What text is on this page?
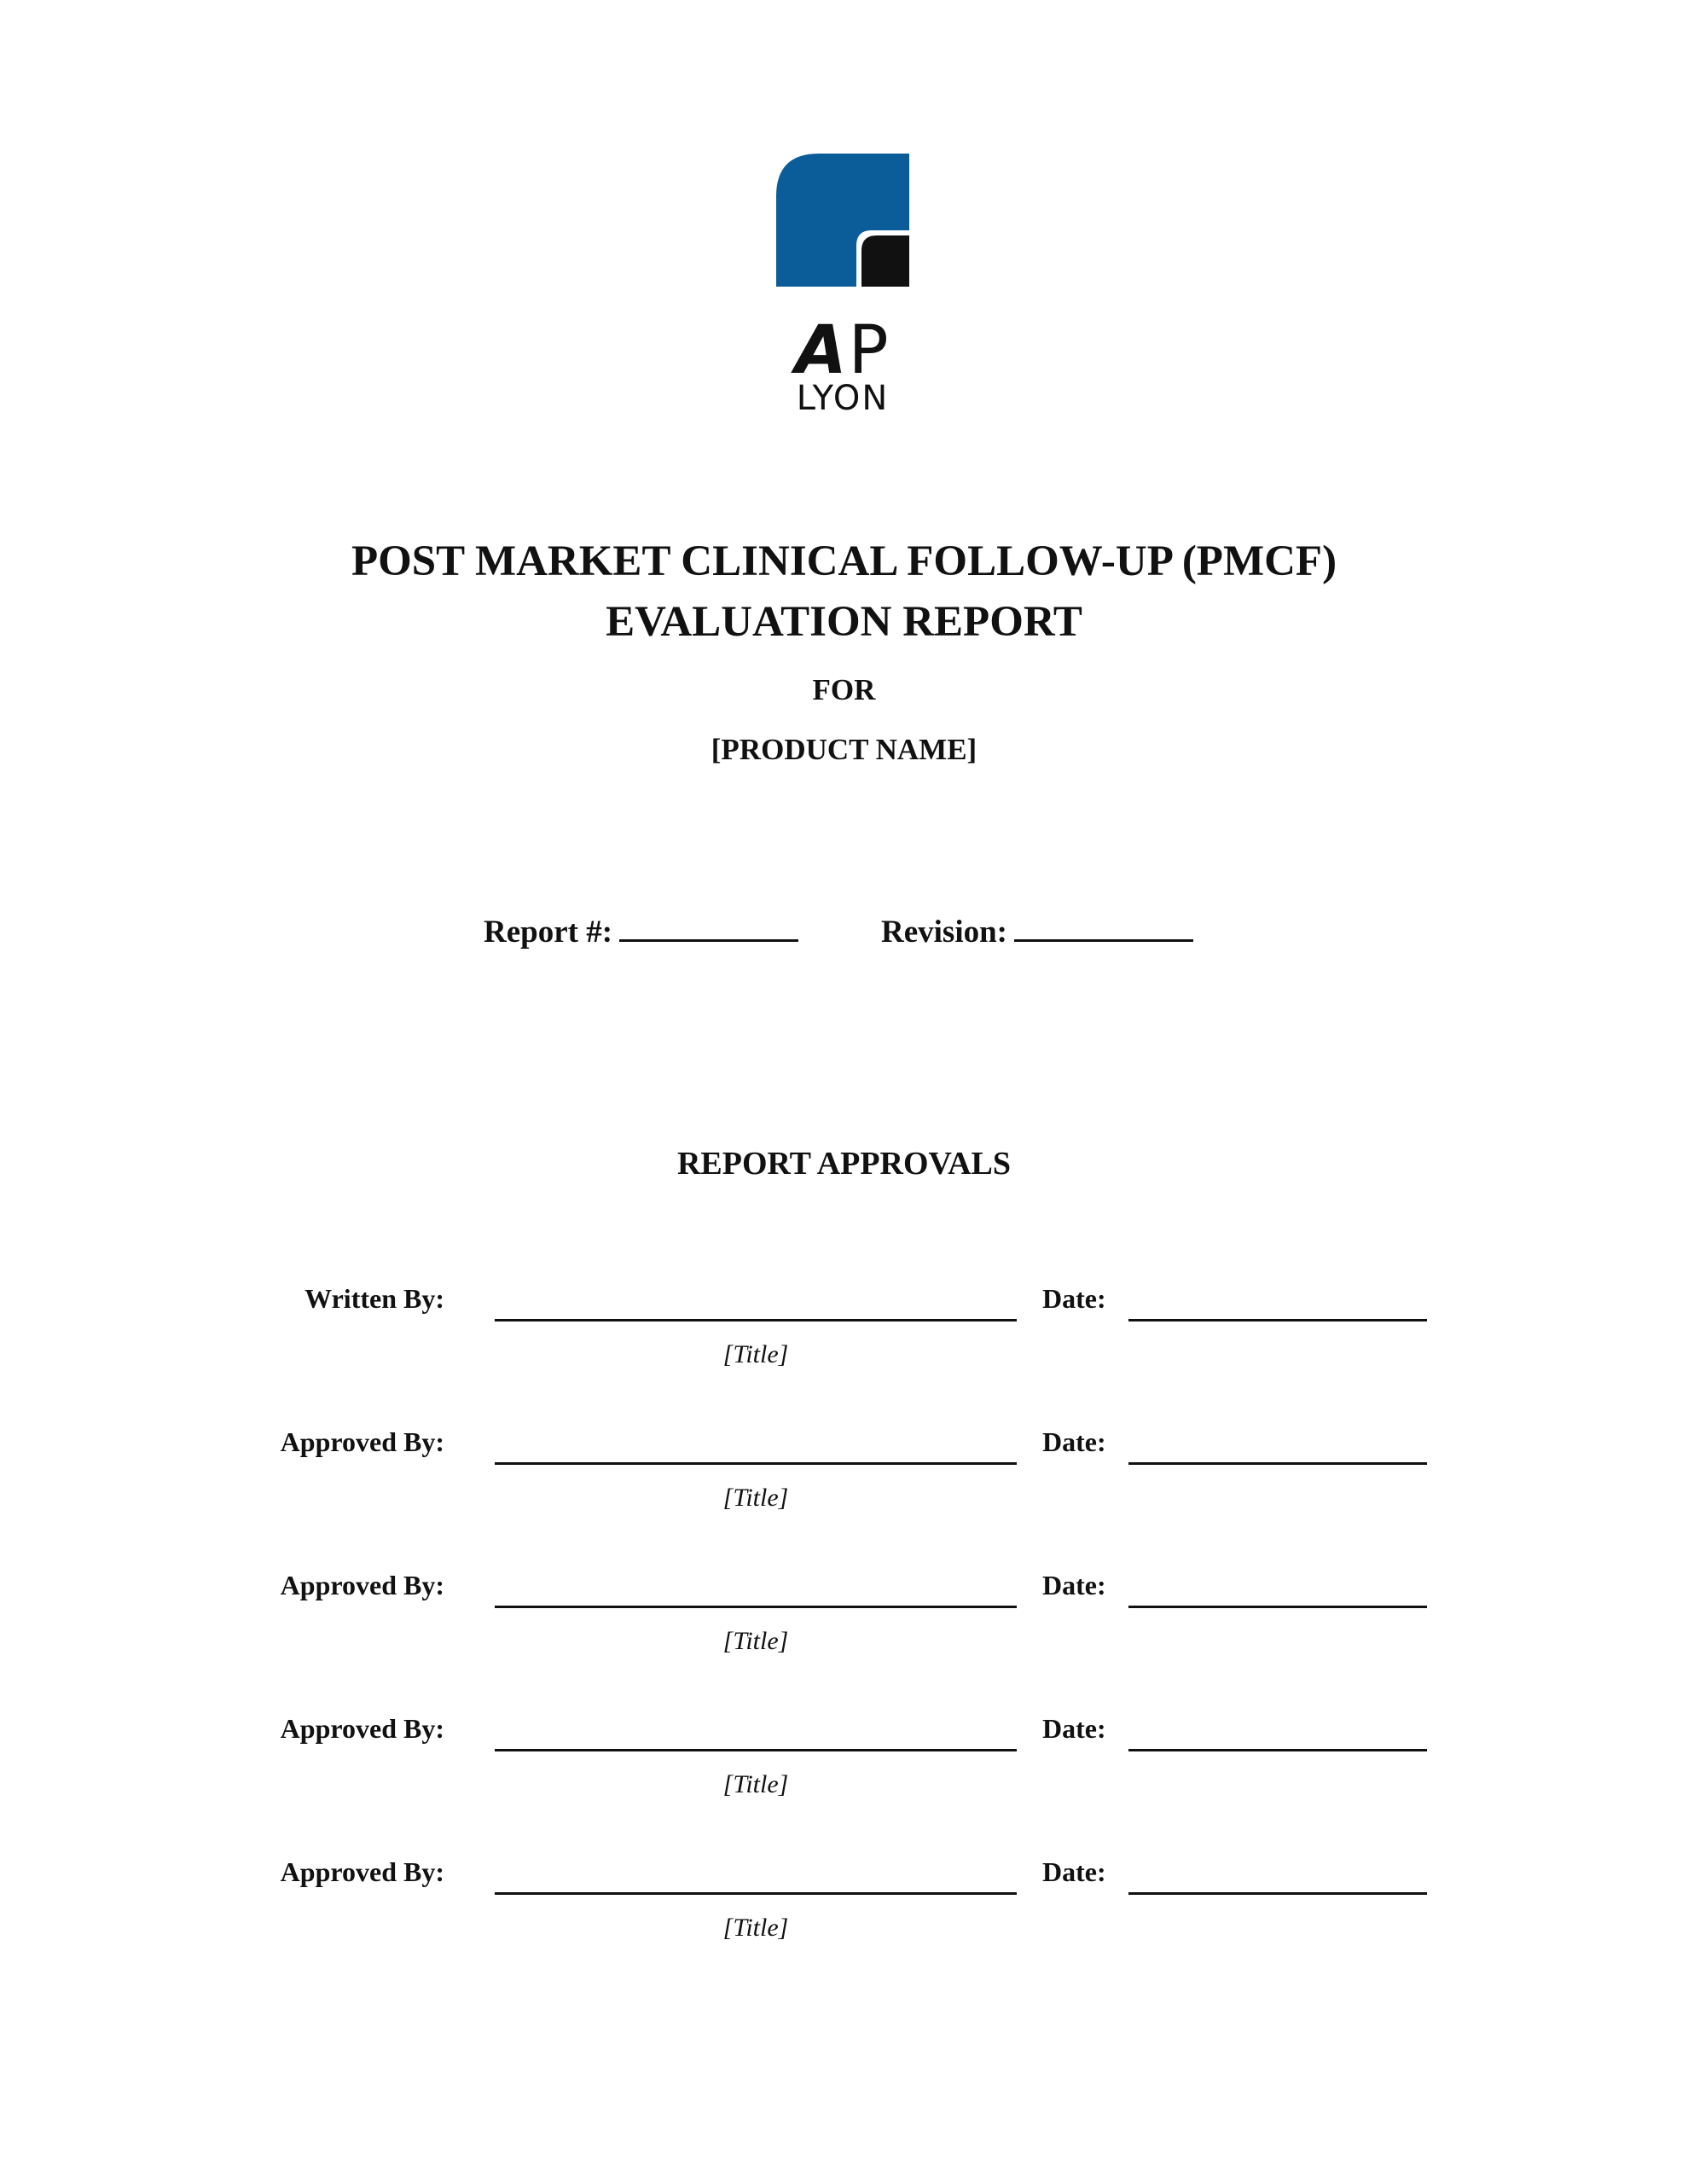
AP
LYON
POST MARKET CLINICAL FOLLOW-UP (PMCF)
EVALUATION REPORT
FOR
[PRODUCT NAME]
Report #:	Revision:
REPORT APPROVALS
Written By:
[Title]
Date:
Approved By:
[Title]
Date:
Approved By:
[Title]
Date:
Approved By:
[Title]
Date:
Approved By:
[Title]
Date:
